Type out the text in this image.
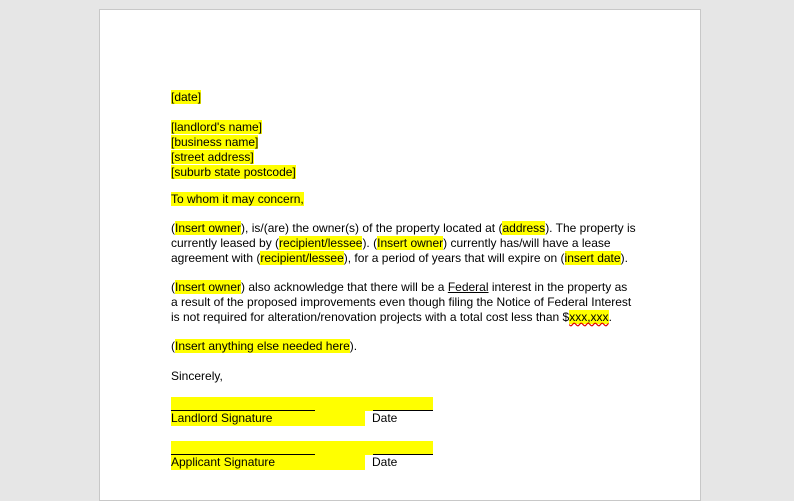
[date]
[landlord's name]
[business name]
[street address]
[suburb state postcode]
To whom it may concern,
(Insert owner), is/(are) the owner(s) of the property located at (address). The property is
currently leased by (recipient/lessee). (Insert owner) currently has/will have a lease
agreement with (recipient/lessee), for a period of years that will expire on (insert date).
(Insert owner) also acknowledge that there will be a Federal interest in the property as
a result of the proposed improvements even though filing the Notice of Federal Interest
is not required for alteration/renovation projects with a total cost less than $xxx,xxx.
(Insert anything else needed here).
Sincerely,
Landlord Signature	Date
Applicant Signature	Date
